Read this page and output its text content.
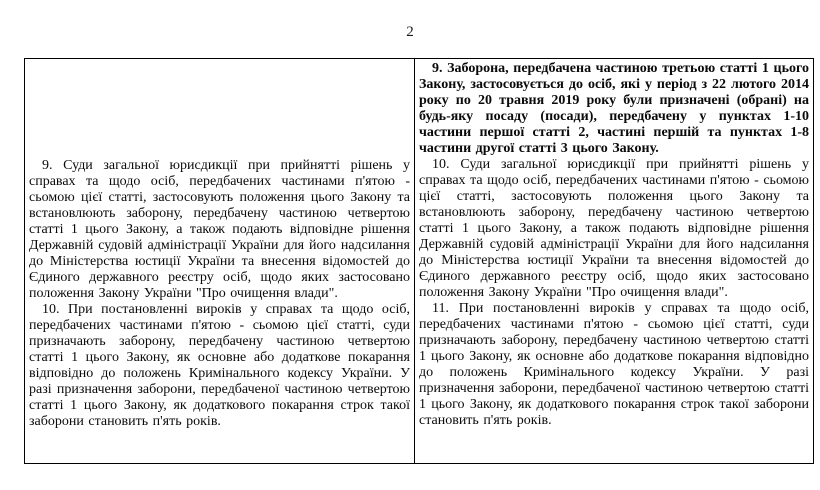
2

9. Суди загальної юрисдикції при прийнятті рішень у справах та щодо осіб, передбачених частинами п'ятою - сьомою цієї статті, застосовують положення цього Закону та встановлюють заборону, передбачену частиною четвертою статті 1 цього Закону, а також подають відповідне рішення Державній судовій адміністрації України для його надсилання до Міністерства юстиції України та внесення відомостей до Єдиного державного реєстру осіб, щодо яких застосовано положення Закону України "Про очищення влади".

10. При постановленні вироків у справах та щодо осіб, передбачених частинами п'ятою - сьомою цієї статті, суди призначають заборону, передбачену частиною четвертою статті 1 цього Закону, як основне або додаткове покарання відповідно до положень Кримінального кодексу України. У разі призначення заборони, передбаченої частиною четвертою статті 1 цього Закону, як додаткового покарання строк такої заборони становить п'ять років.

9. Заборона, передбачена частиною третьою статті 1 цього Закону, застосовується до осіб, які у період з 22 лютого 2014 року по 20 травня 2019 року були призначені (обрані) на будь-яку посаду (посади), передбачену у пунктах 1-10 частини першої статті 2, частині першій та пунктах 1-8 частини другої статті 3 цього Закону.

10. Суди загальної юрисдикції при прийнятті рішень у справах та щодо осіб, передбачених частинами п'ятою - сьомою цієї статті, застосовують положення цього Закону та встановлюють заборону, передбачену частиною четвертою статті 1 цього Закону, а також подають відповідне рішення Державній судовій адміністрації України для його надсилання до Міністерства юстиції України та внесення відомостей до Єдиного державного реєстру осіб, щодо яких застосовано положення Закону України "Про очищення влади".

11. При постановленні вироків у справах та щодо осіб, передбачених частинами п'ятою - сьомою цієї статті, суди призначають заборону, передбачену частиною четвертою статті 1 цього Закону, як основне або додаткове покарання відповідно до положень Кримінального кодексу України. У разі призначення заборони, передбаченої частиною четвертою статті 1 цього Закону, як додаткового покарання строк такої заборони становить п'ять років.
